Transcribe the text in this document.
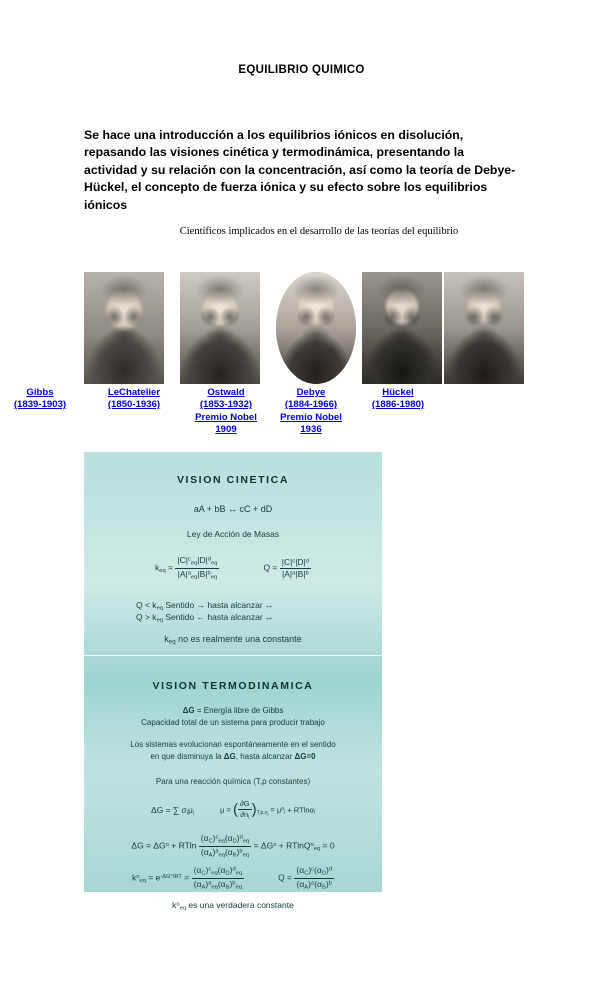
EQUILIBRIO QUIMICO
Se hace una introducción a los equilibrios iónicos en disolución, repasando las visiones cinética y termodinámica, presentando la actividad y su relación con la concentración, así como la teoría de Debye-Hückel, el concepto de fuerza iónica y su efecto sobre los equilibrios iónicos
Científicos implicados en el desarrollo de las teorías del equilibrio
Gibbs
(1839-1903)
LeChatelier
(1850-1936)
Ostwald
(1853-1932)
Premio Nobel
1909
Debye
(1884-1966)
Premio Nobel
1936
Hückel
(1886-1980)
VISION CINETICA
aA + bB ↔ cC + dD
Ley de Acción de Masas
$k_{eq} = \frac{|C|^c_{eq}|D|^d_{eq}}{|A|^a_{eq}|B|^b_{eq}}$	$Q = \frac{|C|^c|D|^d}{|A|^a|B|^b}$
$Q < k_{eq}$ Sentido → hasta alcanzar ↔
$Q > k_{eq}$ Sentido ← hasta alcanzar ↔
$k_{eq}$ no es realmente una constante
VISION TERMODINAMICA
ΔG = Energía libre de Gibbs
Capacidad total de un sistema para producir trabajo
Los sistemas evolucionan espontáneamente en el sentido
en que disminuya la ΔG, hasta alcanzar ΔG=0
Para una reacción química (T,p constantes)
ΔG = ∑ $\sigma_i\mu_i$	μ = ( $\frac{\partial G}{\partial n_i} )_{T,p,n_j} = \mu^o_i + RTln\alpha_i$
$\Delta G = \Delta G^o + RTln \frac{(\alpha_C)^c_{eq}(\alpha_D)^d_{eq}}{(\alpha_A)^a_{eq}(\alpha_B)^b_{eq}} = \Delta G^o + RTlnQ^o_{eq} = 0$
$k^o_{eq} = e^{-\Delta G^o/RT} = \frac{(\alpha_C)^c_{eq}(\alpha_D)^d_{eq}}{(\alpha_A)^a_{eq}(\alpha_B)^b_{eq}}$	$Q = \frac{(\alpha_C)^c(\alpha_D)^d}{(\alpha_A)^a(\alpha_B)^b}$
$k^o_{eq}$ es una verdadera constante
